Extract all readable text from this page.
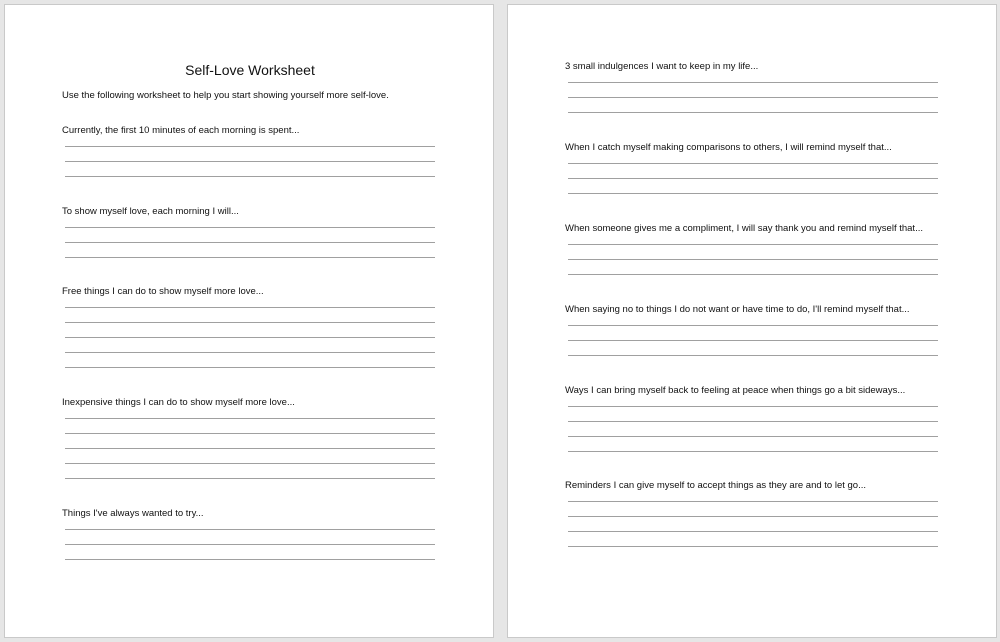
Self-Love Worksheet

Use the following worksheet to help you start showing yourself more self-love.

Currently, the first 10 minutes of each morning is spent...

To show myself love, each morning I will...

Free things I can do to show myself more love...

Inexpensive things I can do to show myself more love...

Things I've always wanted to try...

3 small indulgences I want to keep in my life...

When I catch myself making comparisons to others, I will remind myself that...

When someone gives me a compliment, I will say thank you and remind myself that...

When saying no to things I do not want or have time to do, I'll remind myself that...

Ways I can bring myself back to feeling at peace when things go a bit sideways...

Reminders I can give myself to accept things as they are and to let go...
